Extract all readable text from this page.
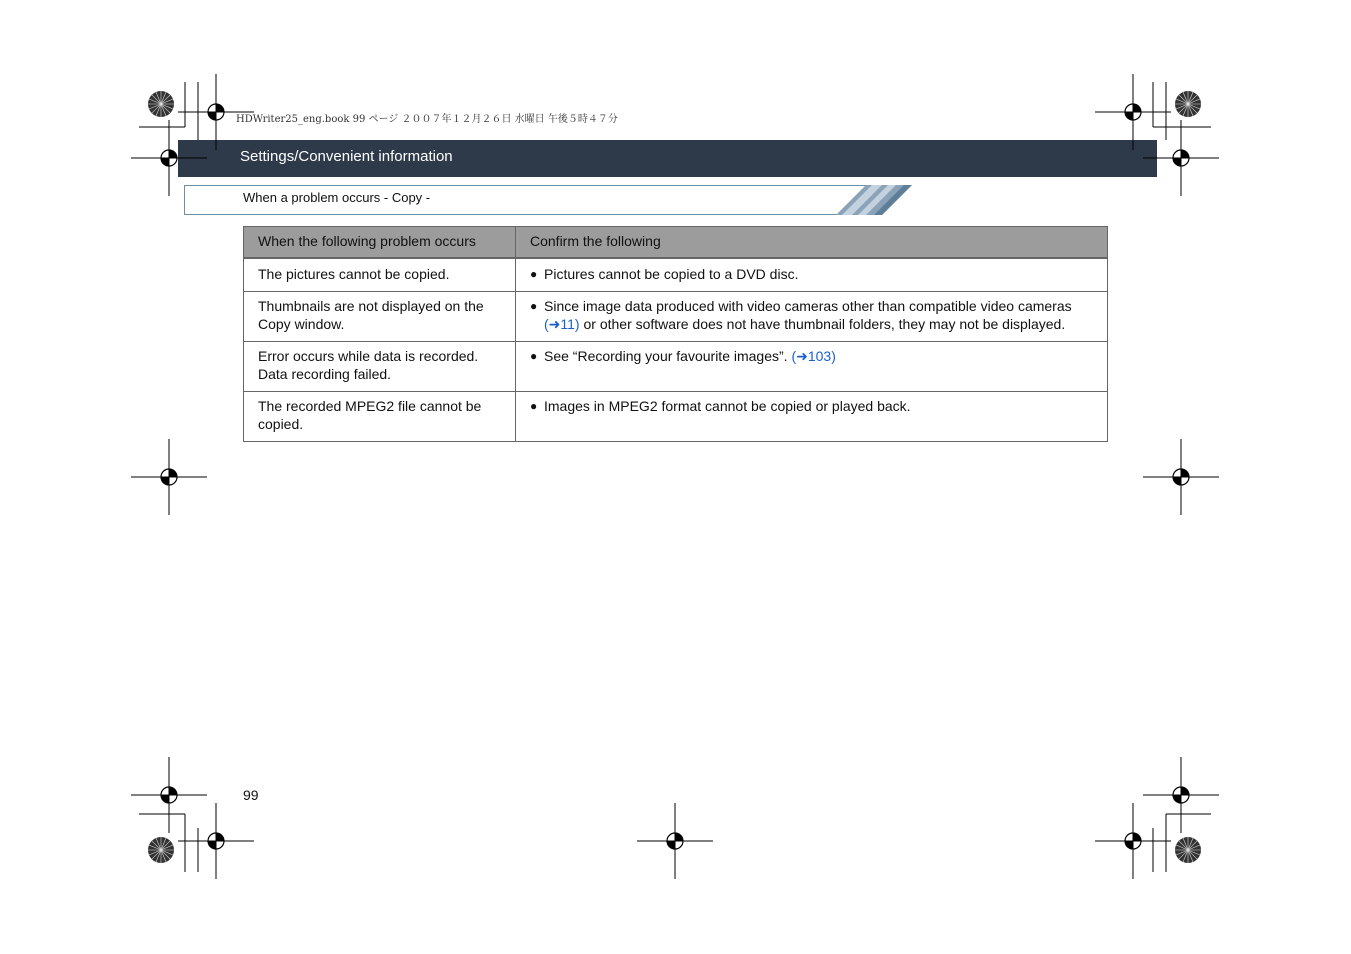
HDWriter25_eng.book 99 ページ ２００７年１２月２６日 水曜日 午後５時４７分
Settings/Convenient information
When a problem occurs - Copy -
When the following problem occurs	Confirm the following

The pictures cannot be copied.	● Pictures cannot be copied to a DVD disc.

Thumbnails are not displayed on the Copy window.	● Since image data produced with video cameras other than compatible video cameras (➜11) or other software does not have thumbnail folders, they may not be displayed.

Error occurs while data is recorded. Data recording failed.	● See “Recording your favourite images”. (➜103)

The recorded MPEG2 file cannot be copied.	● Images in MPEG2 format cannot be copied or played back.
99
